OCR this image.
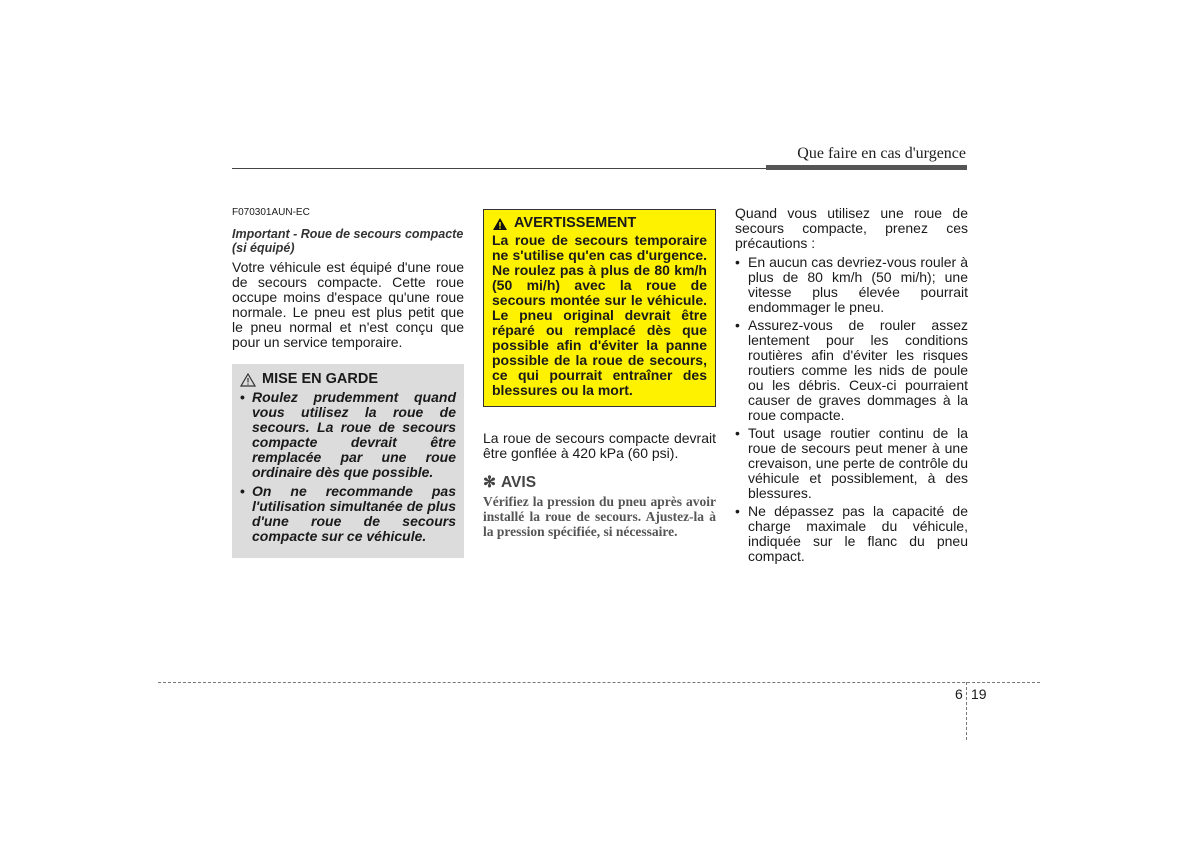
Que faire en cas d'urgence
F070301AUN-EC
Important - Roue de secours compacte (si équipé)
Votre véhicule est équipé d'une roue de secours compacte. Cette roue occupe moins d'espace qu'une roue normale. Le pneu est plus petit que le pneu normal et n'est conçu que pour un service temporaire.
MISE EN GARDE
• Roulez prudemment quand vous utilisez la roue de secours. La roue de secours compacte devrait être remplacée par une roue ordinaire dès que possible.
• On ne recommande pas l'utilisation simultanée de plus d'une roue de secours compacte sur ce véhicule.
AVERTISSEMENT
La roue de secours temporaire ne s'utilise qu'en cas d'urgence. Ne roulez pas à plus de 80 km/h (50 mi/h) avec la roue de secours montée sur le véhicule. Le pneu original devrait être réparé ou remplacé dès que possible afin d'éviter la panne possible de la roue de secours, ce qui pourrait entraîner des blessures ou la mort.
La roue de secours compacte devrait être gonflée à 420 kPa (60 psi).
✻ AVIS
Vérifiez la pression du pneu après avoir installé la roue de secours. Ajustez-la à la pression spécifiée, si nécessaire.
Quand vous utilisez une roue de secours compacte, prenez ces précautions :
• En aucun cas devriez-vous rouler à plus de 80 km/h (50 mi/h); une vitesse plus élevée pourrait endommager le pneu.
• Assurez-vous de rouler assez lentement pour les conditions routières afin d'éviter les risques routiers comme les nids de poule ou les débris. Ceux-ci pourraient causer de graves dommages à la roue compacte.
• Tout usage routier continu de la roue de secours peut mener à une crevaison, une perte de contrôle du véhicule et possiblement, à des blessures.
• Ne dépassez pas la capacité de charge maximale du véhicule, indiquée sur le flanc du pneu compact.
6 19
